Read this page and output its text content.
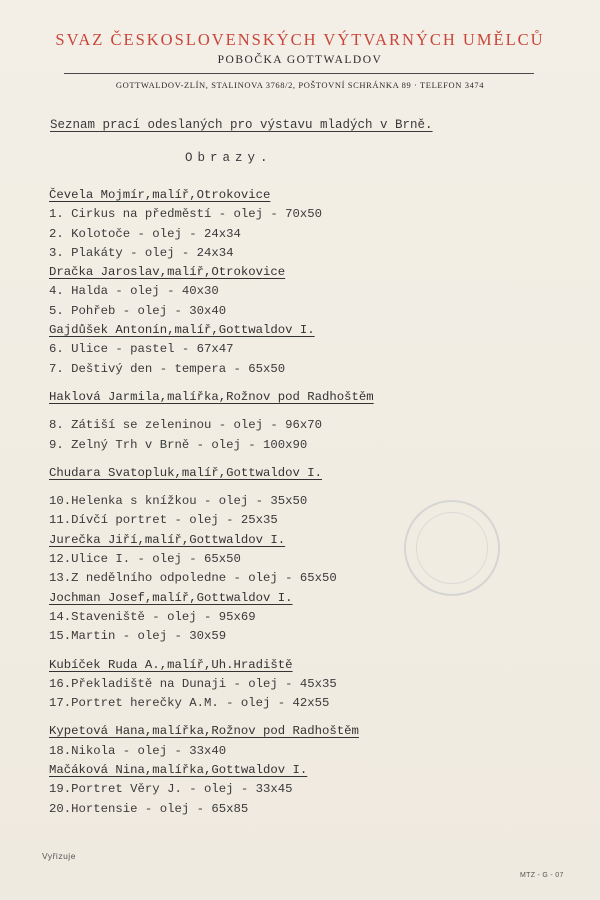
SVAZ ČESKOSLOVENSKÝCH VÝTVARNÝCH UMĚLCŮ
POBOČKA GOTTWALDOV
GOTTWALDOV-ZLÍN, STALINOVA 3768/2, POŠTOVNÍ SCHRÁNKA 89 · TELEFON 3474
Seznam prací odeslaných pro výstavu mladých v Brně.
Obrazy.
Čevela Mojmír,malíř,Otrokovice
1. Cirkus na předměstí - olej - 70x50
2. Kolotoče - olej - 24x34
3. Plakáty - olej - 24x34
Dračka Jaroslav,malíř,Otrokovice
4. Halda - olej - 40x30
5. Pohřeb - olej - 30x40
Gajdůšek Antonín,malíř,Gottwaldov I.
6. Ulice - pastel - 67x47
7. Deštivý den - tempera - 65x50
Haklová Jarmila,malířka,Rožnov pod Radhoštěm
8. Zátiší se zeleninou - olej - 96x70
9. Zelný Trh v Brně - olej - 100x90
Chudara Svatopluk,malíř,Gottwaldov I.
10.Helenka s knížkou - olej - 35x50
11.Dívčí portret - olej - 25x35
Jurečka Jiří,malíř,Gottwaldov I.
12.Ulice I. - olej - 65x50
13.Z nedělního odpoledne - olej - 65x50
Jochman Josef,malíř,Gottwaldov I.
14.Staveniště - olej - 95x69
15.Martin - olej - 30x59
Kubíček Ruda A.,malíř,Uh.Hradiště
16.Překladiště na Dunaji - olej - 45x35
17.Portret herečky A.M. - olej - 42x55
Kypetová Hana,malířka,Rožnov pod Radhoštěm
18.Nikola - olej - 33x40
Mačáková Nina,malířka,Gottwaldov I.
19.Portret Věry J. - olej - 33x45
20.Hortensie - olej - 65x85
Vyřizuje
MTZ - G - 07
